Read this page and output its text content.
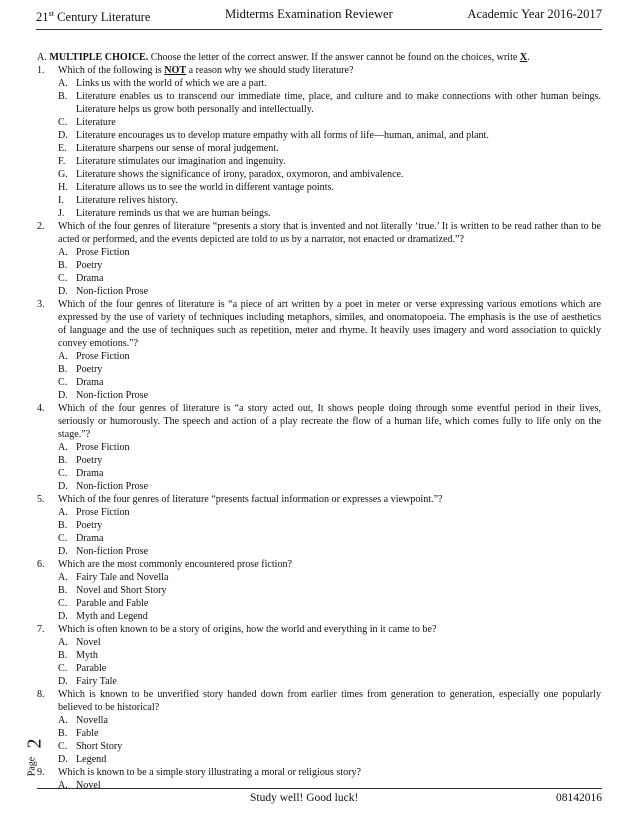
21st Century Literature	Midterms Examination Reviewer	Academic Year 2016-2017

A. MULTIPLE CHOICE. Choose the letter of the correct answer. If the answer cannot be found on the choices, write X.

1. Which of the following is NOT a reason why we should study literature?
A. Links us with the world of which we are a part.
B. Literature enables us to transcend our immediate time, place, and culture and to make connections with other human beings. Literature helps us grow both personally and intellectually.
C. Literature
D. Literature encourages us to develop mature empathy with all forms of life—human, animal, and plant.
E. Literature sharpens our sense of moral judgement.
F. Literature stimulates our imagination and ingenuity.
G. Literature shows the significance of irony, paradox, oxymoron, and ambivalence.
H. Literature allows us to see the world in different vantage points.
I. Literature relives history.
J. Literature reminds us that we are human beings.
2. Which of the four genres of literature “presents a story that is invented and not literally ‘true.’ It is written to be read rather than to be acted or performed, and the events depicted are told to us by a narrator, not enacted or dramatized.”?
A. Prose Fiction
B. Poetry
C. Drama
D. Non-fiction Prose
3. Which of the four genres of literature is “a piece of art written by a poet in meter or verse expressing various emotions which are expressed by the use of variety of techniques including metaphors, similes, and onomatopoeia. The emphasis is the use of aesthetics of language and the use of techniques such as repetition, meter and rhyme. It heavily uses imagery and word association to quickly convey emotions.”?
A. Prose Fiction
B. Poetry
C. Drama
D. Non-fiction Prose
4. Which of the four genres of literature is “a story acted out, It shows people doing through some eventful period in their lives, seriously or humorously. The speech and action of a play recreate the flow of a human life, which comes fully to life only on the stage.”?
A. Prose Fiction
B. Poetry
C. Drama
D. Non-fiction Prose
5. Which of the four genres of literature “presents factual information or expresses a viewpoint.”?
A. Prose Fiction
B. Poetry
C. Drama
D. Non-fiction Prose
6. Which are the most commonly encountered prose fiction?
A. Fairy Tale and Novella
B. Novel and Short Story
C. Parable and Fable
D. Myth and Legend
7. Which is often known to be a story of origins, how the world and everything in it came to be?
A. Novel
B. Myth
C. Parable
D. Fairy Tale
8. Which is known to be unverified story handed down from earlier times from generation to generation, especially one popularly believed to be historical?
A. Novella
B. Fable
C. Short Story
D. Legend
9. Which is known to be a simple story illustrating a moral or religious story?
A. Novel
2
Page
Study well! Good luck!	08142016
